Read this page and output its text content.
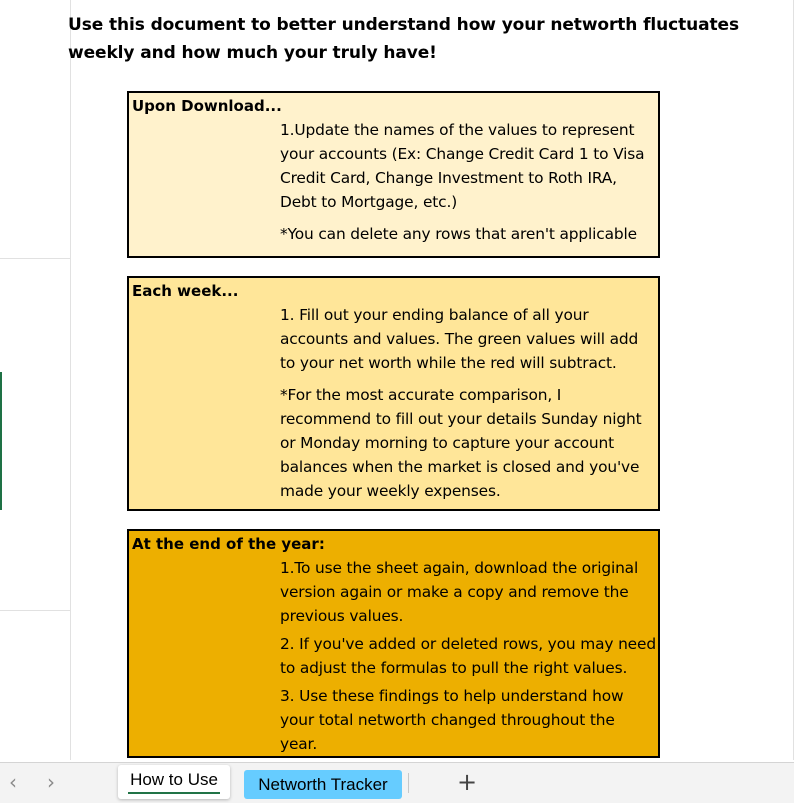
Use this document to better understand how your networth fluctuates weekly and how much your truly have!
Upon Download...

1.Update the names of the values to represent your accounts (Ex: Change Credit Card 1 to Visa Credit Card, Change Investment to Roth IRA, Debt to Mortgage, etc.)

*You can delete any rows that aren't applicable

Each week...

1. Fill out your ending balance of all your accounts and values. The green values will add to your net worth while the red will subtract.

*For the most accurate comparison, I recommend to fill out your details Sunday night or Monday morning to capture your account balances when the market is closed and you've made your weekly expenses.

At the end of the year:

1.To use the sheet again, download the original version again or make a copy and remove the previous values.

2. If you've added or deleted rows, you may need to adjust the formulas to pull the right values.

3. Use these findings to help understand how your total networth changed throughout the year.

‹ ›	How to Use	Networth Tracker	+
